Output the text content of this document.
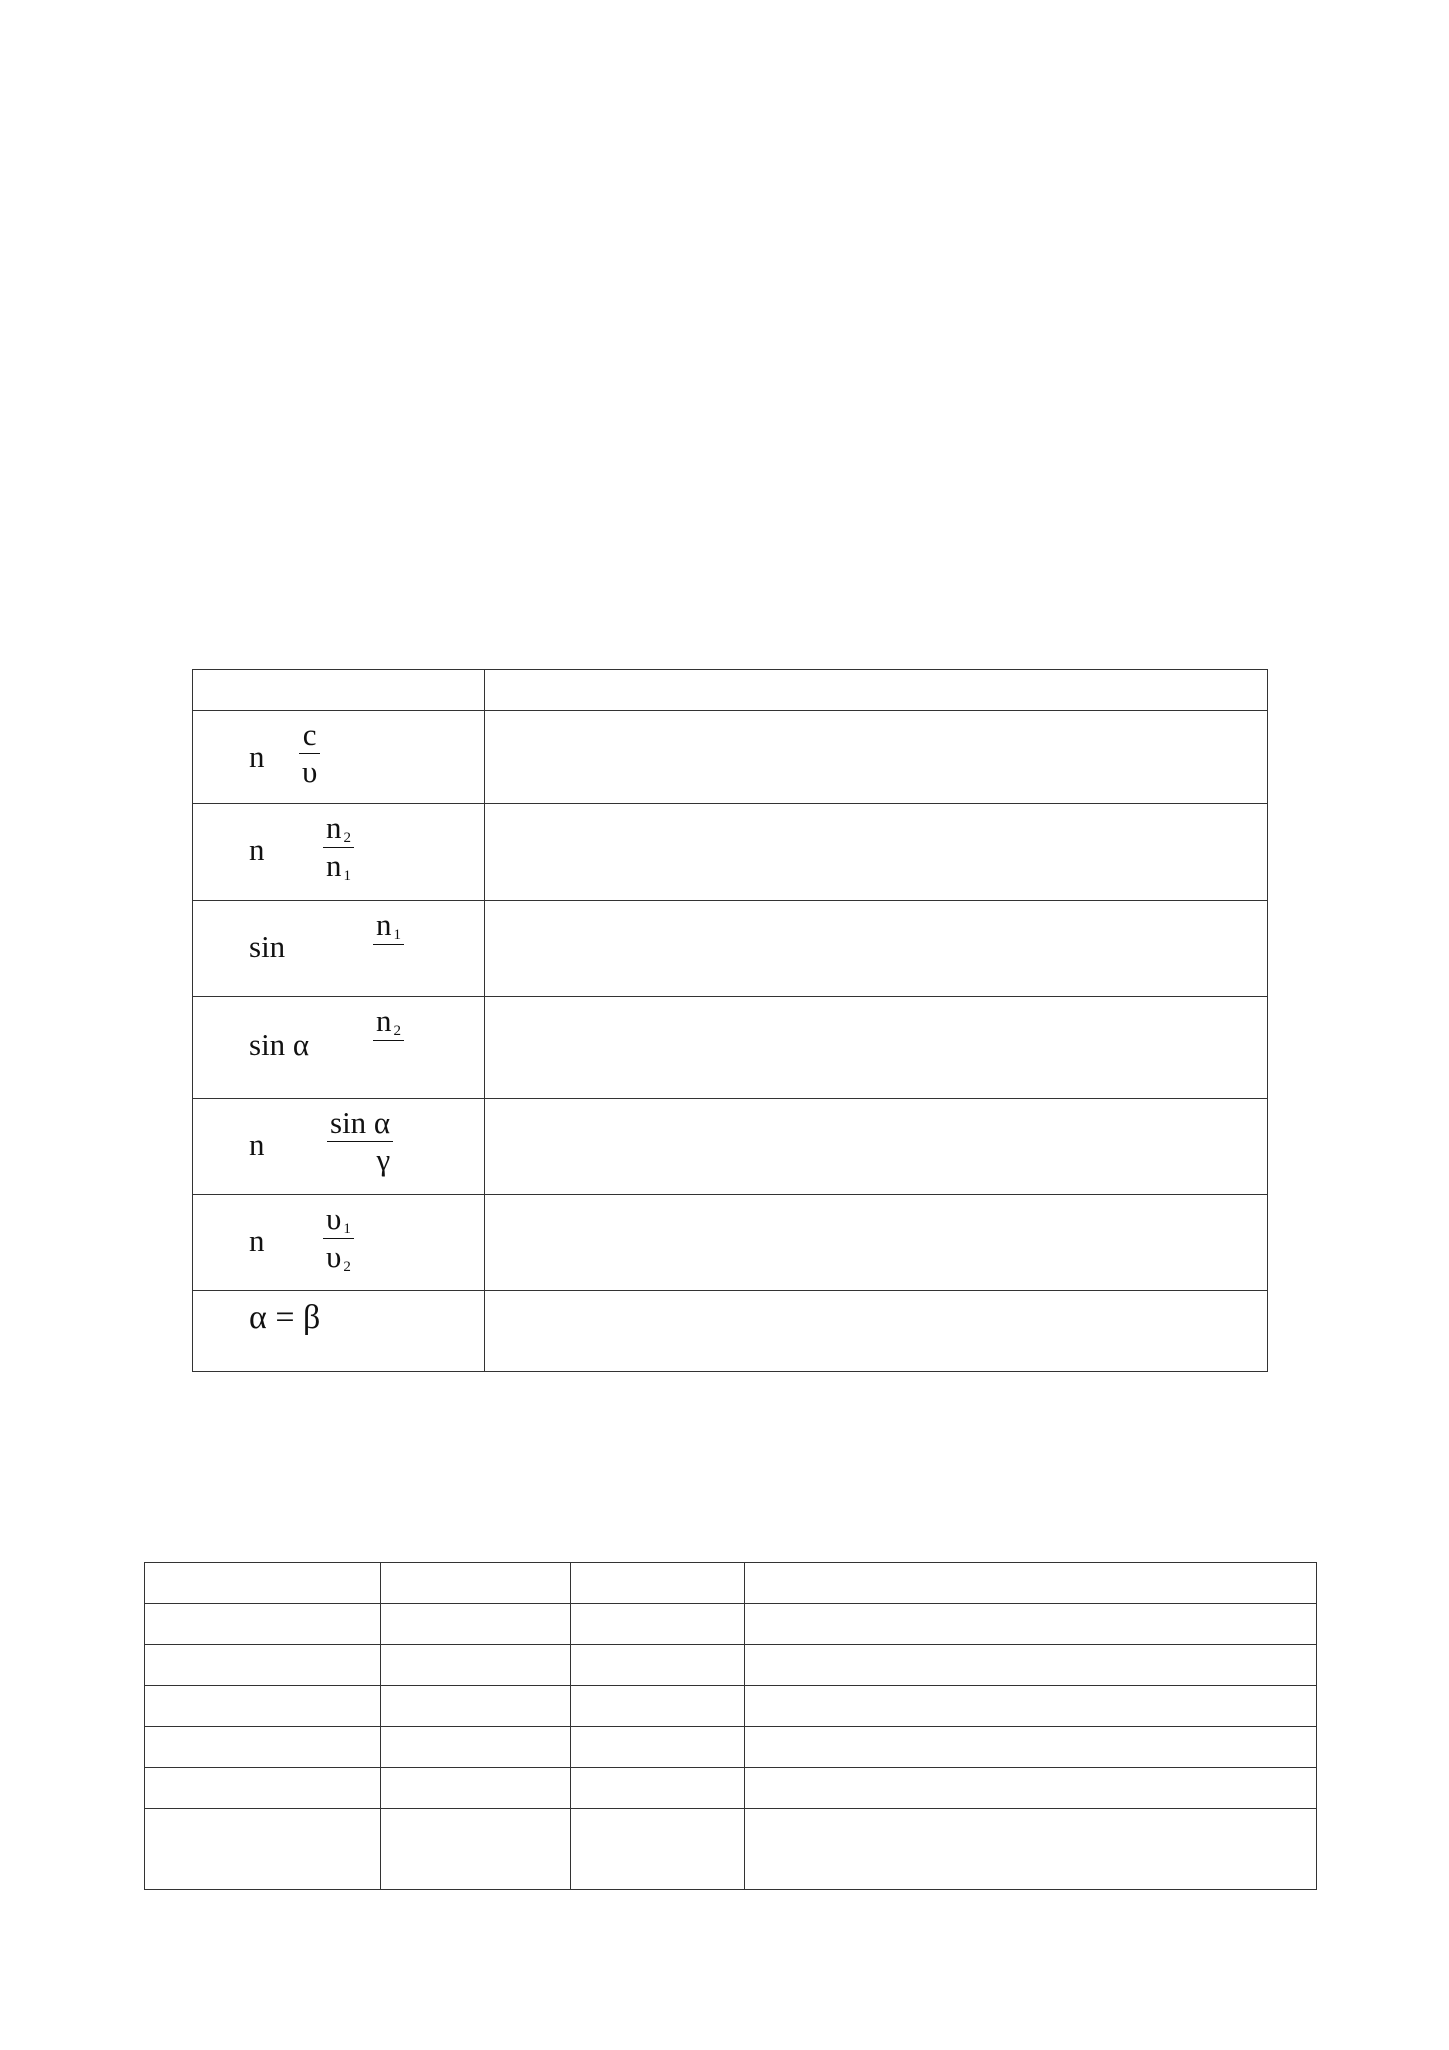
n
c
υ	

n
n $_2$
n $_1$

sin
n $_1$

sin α
n $_2$

n
sin α
γ	

n
υ $_1$
υ $_2$

α = β	
